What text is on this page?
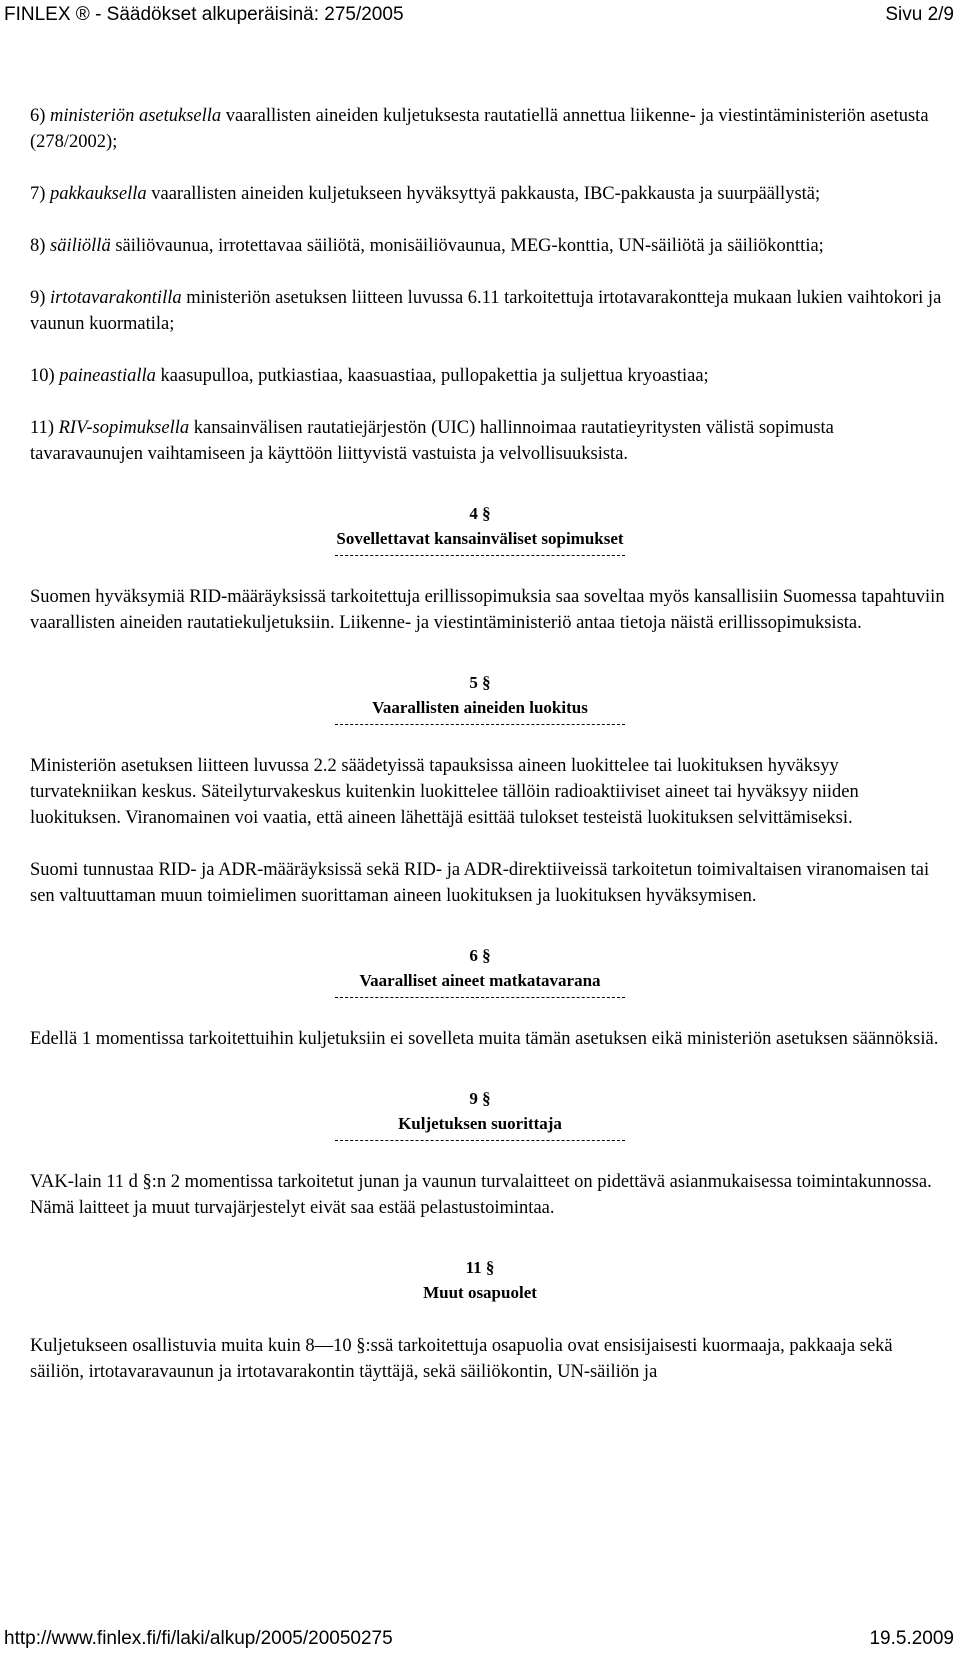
FINLEX ® - Säädökset alkuperäisinä: 275/2005	Sivu 2/9

6) ministeriön asetuksella vaarallisten aineiden kuljetuksesta rautatiellä annettua liikenne- ja viestintäministeriön asetusta (278/2002);

7) pakkauksella vaarallisten aineiden kuljetukseen hyväksyttyä pakkausta, IBC-pakkausta ja suurpäällystä;

8) säiliöllä säiliövaunua, irrotettavaa säiliötä, monisäiliövaunua, MEG-konttia, UN-säiliötä ja säiliökonttia;

9) irtotavarakontilla ministeriön asetuksen liitteen luvussa 6.11 tarkoitettuja irtotavarakontteja mukaan lukien vaihtokori ja vaunun kuormatila;

10) paineastialla kaasupulloa, putkiastiaa, kaasuastiaa, pullopakettia ja suljettua kryoastiaa;

11) RIV-sopimuksella kansainvälisen rautatiejärjestön (UIC) hallinnoimaa rautatieyritysten välistä sopimusta tavaravaunujen vaihtamiseen ja käyttöön liittyvistä vastuista ja velvollisuuksista.

4 §
Sovellettavat kansainväliset sopimukset

Suomen hyväksymiä RID-määräyksissä tarkoitettuja erillissopimuksia saa soveltaa myös kansallisiin Suomessa tapahtuviin vaarallisten aineiden rautatiekuljetuksiin. Liikenne- ja viestintäministeriö antaa tietoja näistä erillissopimuksista.

5 §
Vaarallisten aineiden luokitus

Ministeriön asetuksen liitteen luvussa 2.2 säädetyissä tapauksissa aineen luokittelee tai luokituksen hyväksyy turvatekniikan keskus. Säteilyturvakeskus kuitenkin luokittelee tällöin radioaktiiviset aineet tai hyväksyy niiden luokituksen. Viranomainen voi vaatia, että aineen lähettäjä esittää tulokset testeistä luokituksen selvittämiseksi.

Suomi tunnustaa RID- ja ADR-määräyksissä sekä RID- ja ADR-direktiiveissä tarkoitetun toimivaltaisen viranomaisen tai sen valtuuttaman muun toimielimen suorittaman aineen luokituksen ja luokituksen hyväksymisen.

6 §
Vaaralliset aineet matkatavarana

Edellä 1 momentissa tarkoitettuihin kuljetuksiin ei sovelleta muita tämän asetuksen eikä ministeriön asetuksen säännöksiä.

9 §
Kuljetuksen suorittaja

VAK-lain 11 d §:n 2 momentissa tarkoitetut junan ja vaunun turvalaitteet on pidettävä asianmukaisessa toimintakunnossa. Nämä laitteet ja muut turvajärjestelyt eivät saa estää pelastustoimintaa.

11 §
Muut osapuolet

Kuljetukseen osallistuvia muita kuin 8—10 §:ssä tarkoitettuja osapuolia ovat ensisijaisesti kuormaaja, pakkaaja sekä säiliön, irtotavaravaunun ja irtotavarakontin täyttäjä, sekä säiliökontin, UN-säiliön ja

http://www.finlex.fi/fi/laki/alkup/2005/20050275	19.5.2009
